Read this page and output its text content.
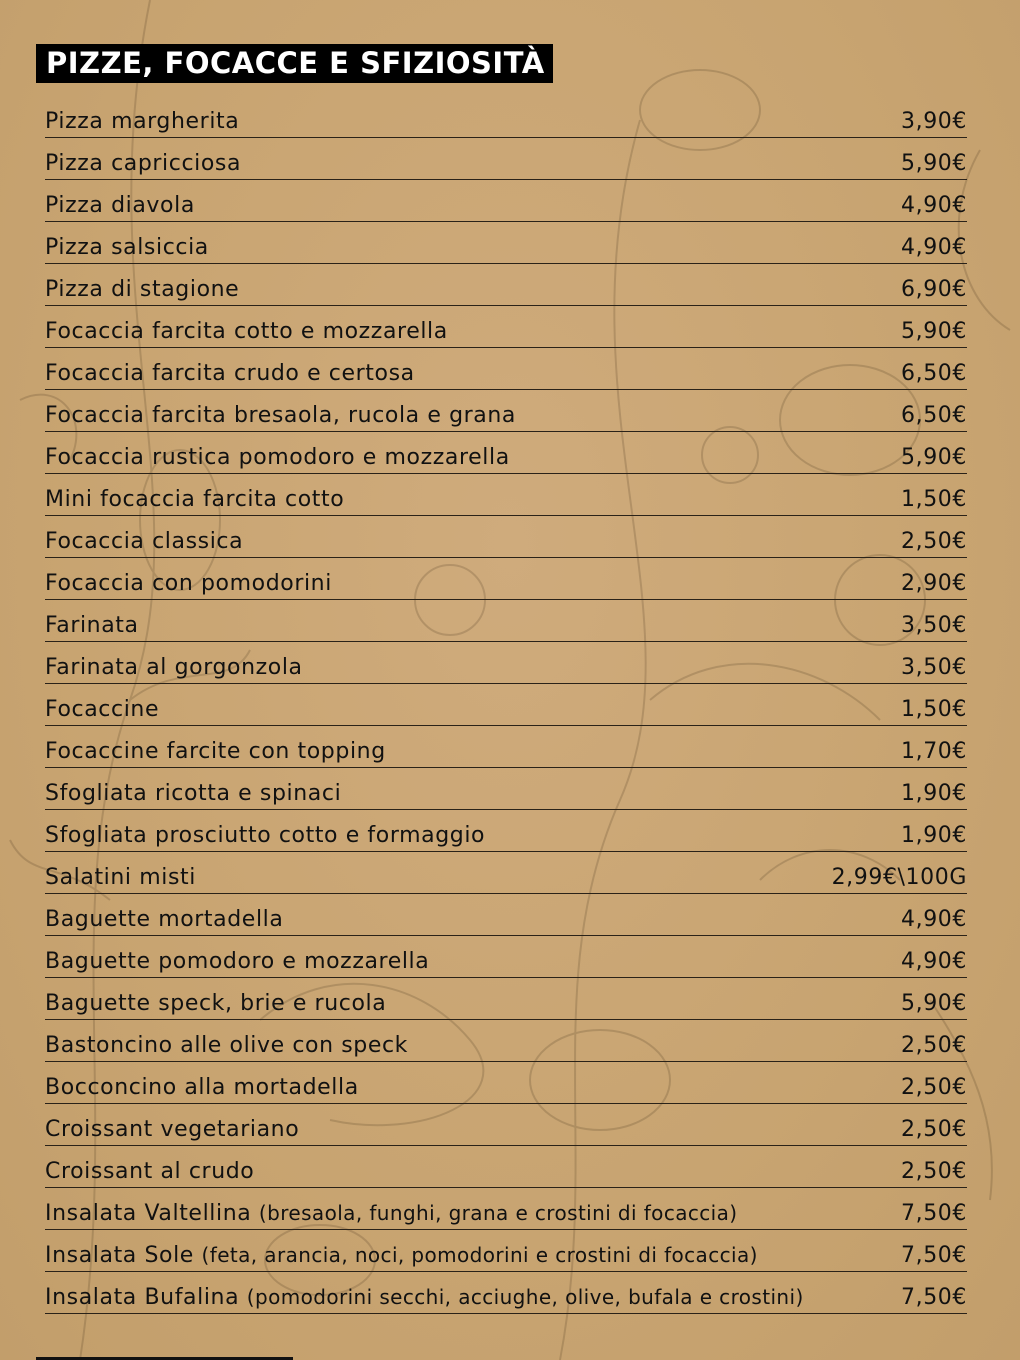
PIZZE, FOCACCE E SFIZIOSITÀ
Pizza margherita	3,90€
Pizza capricciosa	5,90€
Pizza diavola	4,90€
Pizza salsiccia	4,90€
Pizza di stagione	6,90€
Focaccia farcita cotto e mozzarella	5,90€
Focaccia farcita crudo e certosa	6,50€
Focaccia farcita bresaola, rucola e grana	6,50€
Focaccia rustica pomodoro e mozzarella	5,90€
Mini focaccia farcita cotto	1,50€
Focaccia classica	2,50€
Focaccia con pomodorini	2,90€
Farinata	3,50€
Farinata al gorgonzola	3,50€
Focaccine	1,50€
Focaccine farcite con topping	1,70€
Sfogliata ricotta e spinaci	1,90€
Sfogliata prosciutto cotto e formaggio	1,90€
Salatini misti	2,99€\100G
Baguette mortadella	4,90€
Baguette pomodoro e mozzarella	4,90€
Baguette speck, brie e rucola	5,90€
Bastoncino alle olive con speck	2,50€
Bocconcino alla mortadella	2,50€
Croissant vegetariano	2,50€
Croissant al crudo	2,50€
Insalata Valtellina (bresaola, funghi, grana e crostini di focaccia)	7,50€
Insalata Sole (feta, arancia, noci, pomodorini e crostini di focaccia)	7,50€
Insalata Bufalina (pomodorini secchi, acciughe, olive, bufala e crostini)	7,50€
